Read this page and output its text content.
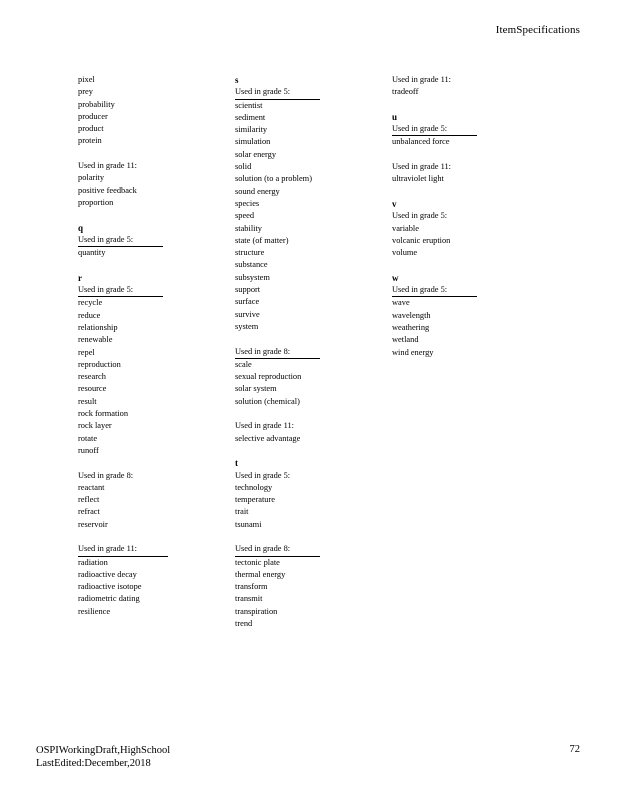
ItemSpecifications
pixel
prey
probability
producer
product
protein
Used in grade 11:
polarity
positive feedback
proportion
q
Used in grade 5:
quantity
r
Used in grade 5:
recycle
reduce
relationship
renewable
repel
reproduction
research
resource
result
rock formation
rock layer
rotate
runoff
Used in grade 8:
reactant
reflect
refract
reservoir
Used in grade 11:
radiation
radioactive decay
radioactive isotope
radiometric dating
resilience
s
Used in grade 5:
scientist
sediment
similarity
simulation
solar energy
solid
solution (to a problem)
sound energy
species
speed
stability
state (of matter)
structure
substance
subsystem
support
surface
survive
system
Used in grade 8:
scale
sexual reproduction
solar system
solution (chemical)
Used in grade 11:
selective advantage
t
Used in grade 5:
technology
temperature
trait
tsunami
Used in grade 8:
tectonic plate
thermal energy
transform
transmit
transpiration
trend
Used in grade 11:
tradeoff
u
Used in grade 5:
unbalanced force
Used in grade 11:
ultraviolet light
v
Used in grade 5:
variable
volcanic eruption
volume
w
Used in grade 5:
wave
wavelength
weathering
wetland
wind energy
OSPIWorkingDraft,HighSchool
LastEdited:December,2018
72
